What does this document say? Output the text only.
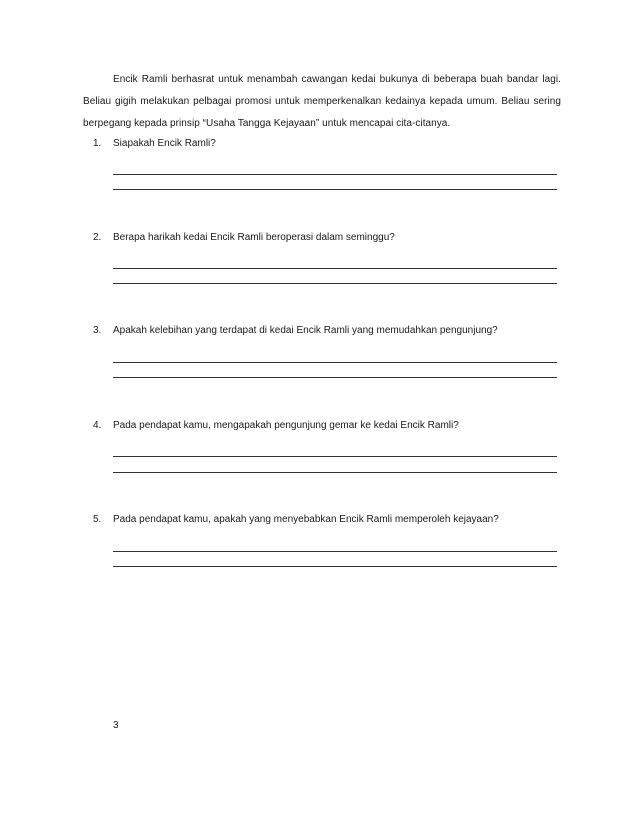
Encik Ramli berhasrat untuk menambah cawangan kedai bukunya di beberapa buah bandar lagi. Beliau gigih melakukan pelbagai promosi untuk memperkenalkan kedainya kepada umum. Beliau sering berpegang kepada prinsip “Usaha Tangga Kejayaan” untuk mencapai cita-citanya.
1. Siapakah Encik Ramli?
2. Berapa harikah kedai Encik Ramli beroperasi dalam seminggu?
3. Apakah kelebihan yang terdapat di kedai Encik Ramli yang memudahkan pengunjung?
4. Pada pendapat kamu, mengapakah pengunjung gemar ke kedai Encik Ramli?
5. Pada pendapat kamu, apakah yang menyebabkan Encik Ramli memperoleh kejayaan?
3
